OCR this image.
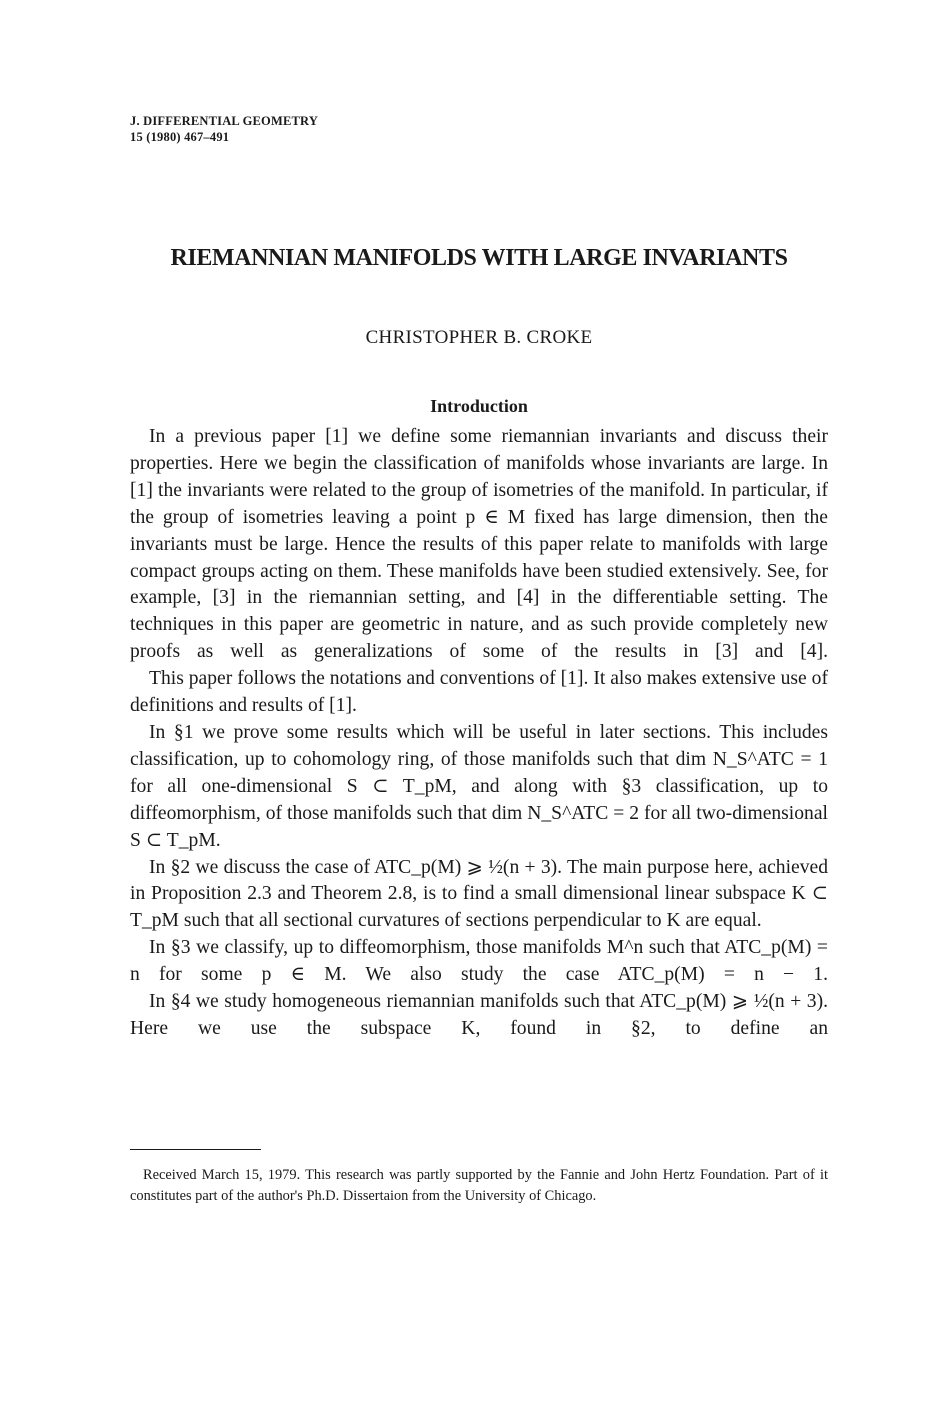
J. DIFFERENTIAL GEOMETRY
15 (1980) 467–491
RIEMANNIAN MANIFOLDS WITH LARGE INVARIANTS
CHRISTOPHER B. CROKE
Introduction

In a previous paper [1] we define some riemannian invariants and discuss their properties. Here we begin the classification of manifolds whose invariants are large. In [1] the invariants were related to the group of isometries of the manifold. In particular, if the group of isometries leaving a point p ∈ M fixed has large dimension, then the invariants must be large. Hence the results of this paper relate to manifolds with large compact groups acting on them. These manifolds have been studied extensively. See, for example, [3] in the riemannian setting, and [4] in the differentiable setting. The techniques in this paper are geometric in nature, and as such provide completely new proofs as well as generalizations of some of the results in [3] and [4].

This paper follows the notations and conventions of [1]. It also makes extensive use of definitions and results of [1].

In §1 we prove some results which will be useful in later sections. This includes classification, up to cohomology ring, of those manifolds such that dim N_S^ATC = 1 for all one-dimensional S ⊂ T_pM, and along with §3 classification, up to diffeomorphism, of those manifolds such that dim N_S^ATC = 2 for all two-dimensional S ⊂ T_pM.

In §2 we discuss the case of ATC_p(M) ⩾ ½(n + 3). The main purpose here, achieved in Proposition 2.3 and Theorem 2.8, is to find a small dimensional linear subspace K ⊂ T_pM such that all sectional curvatures of sections perpendicular to K are equal.

In §3 we classify, up to diffeomorphism, those manifolds M^n such that ATC_p(M) = n for some p ∈ M. We also study the case ATC_p(M) = n − 1.

In §4 we study homogeneous riemannian manifolds such that ATC_p(M) ⩾ ½(n + 3). Here we use the subspace K, found in §2, to define an

Received March 15, 1979. This research was partly supported by the Fannie and John Hertz Foundation. Part of it constitutes part of the author's Ph.D. Dissertaion from the University of Chicago.
